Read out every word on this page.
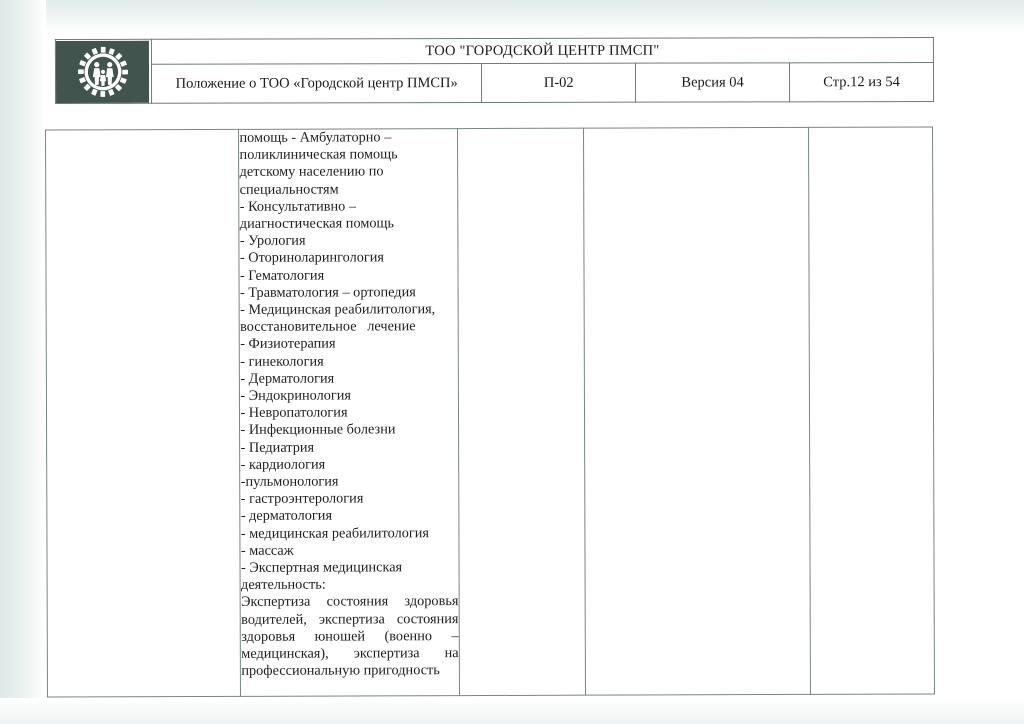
	ТОО "ГОРОДСКОЙ ЦЕНТР ПМСП"			
	Положение о ТОО «Городской центр ПМСП»	П-02	Версия 04	Стр.12 из 54

помощь - Амбулаторно –
поликлиническая помощь
детскому населению по
специальностям
- Консультативно –
диагностическая помощь
- Урология
- Оториноларингология
- Гематология
- Травматология – ортопедия
- Медицинская реабилитология,
восстановительное   лечение
- Физиотерапия
- гинекология
- Дерматология
- Эндокринология
- Невропатология
- Инфекционные болезни
- Педиатрия
- кардиология
-пульмонология
- гастроэнтерология
- дерматология
- медицинская реабилитология
- массаж
- Экспертная медицинская
деятельность:

Экспертиза состояния здоровья водителей, экспертиза состояния здоровья юношей (военно – медицинская), экспертиза на профессиональную пригодность
